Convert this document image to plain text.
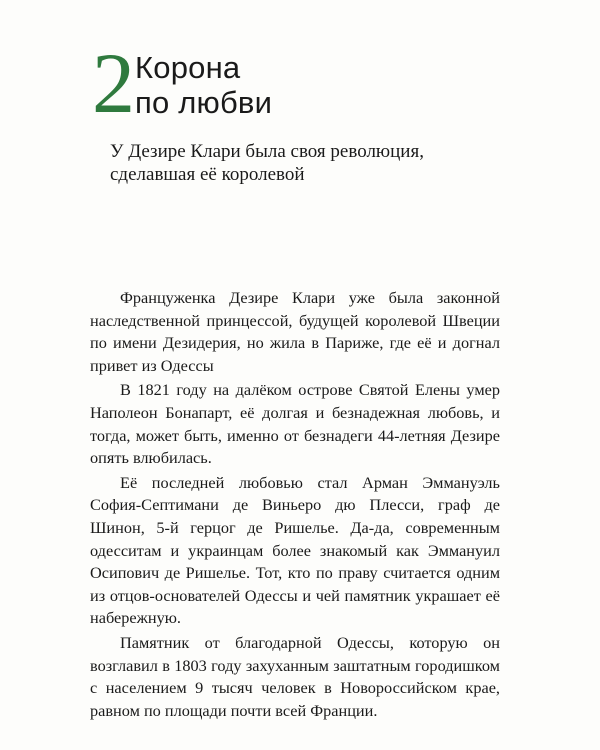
2 Корона
по любви
У Дезире Клари была своя революция,
сделавшая её королевой

Француженка Дезире Клари уже была законной наследственной принцессой, будущей королевой Швеции по имени Дезидерия, но жила в Париже, где её и догнал привет из Одессы

В 1821 году на далёком острове Святой Елены умер Наполеон Бонапарт, её долгая и безнадежная любовь, и тогда, может быть, именно от безнадеги 44-летняя Дезире опять влюбилась.

Её последней любовью стал Арман Эммануэль София-Септимани де Виньеро дю Плесси, граф де Шинон, 5-й герцог де Ришелье. Да-да, современным одесситам и украинцам более знакомый как Эммануил Осипович де Ришелье. Тот, кто по праву считается одним из отцов-основателей Одессы и чей памятник украшает её набережную.

Памятник от благодарной Одессы, которую он возглавил в 1803 году захуханным заштатным городишком с населением 9 тысяч человек в Новороссийском крае, равном по площади почти всей Франции.
